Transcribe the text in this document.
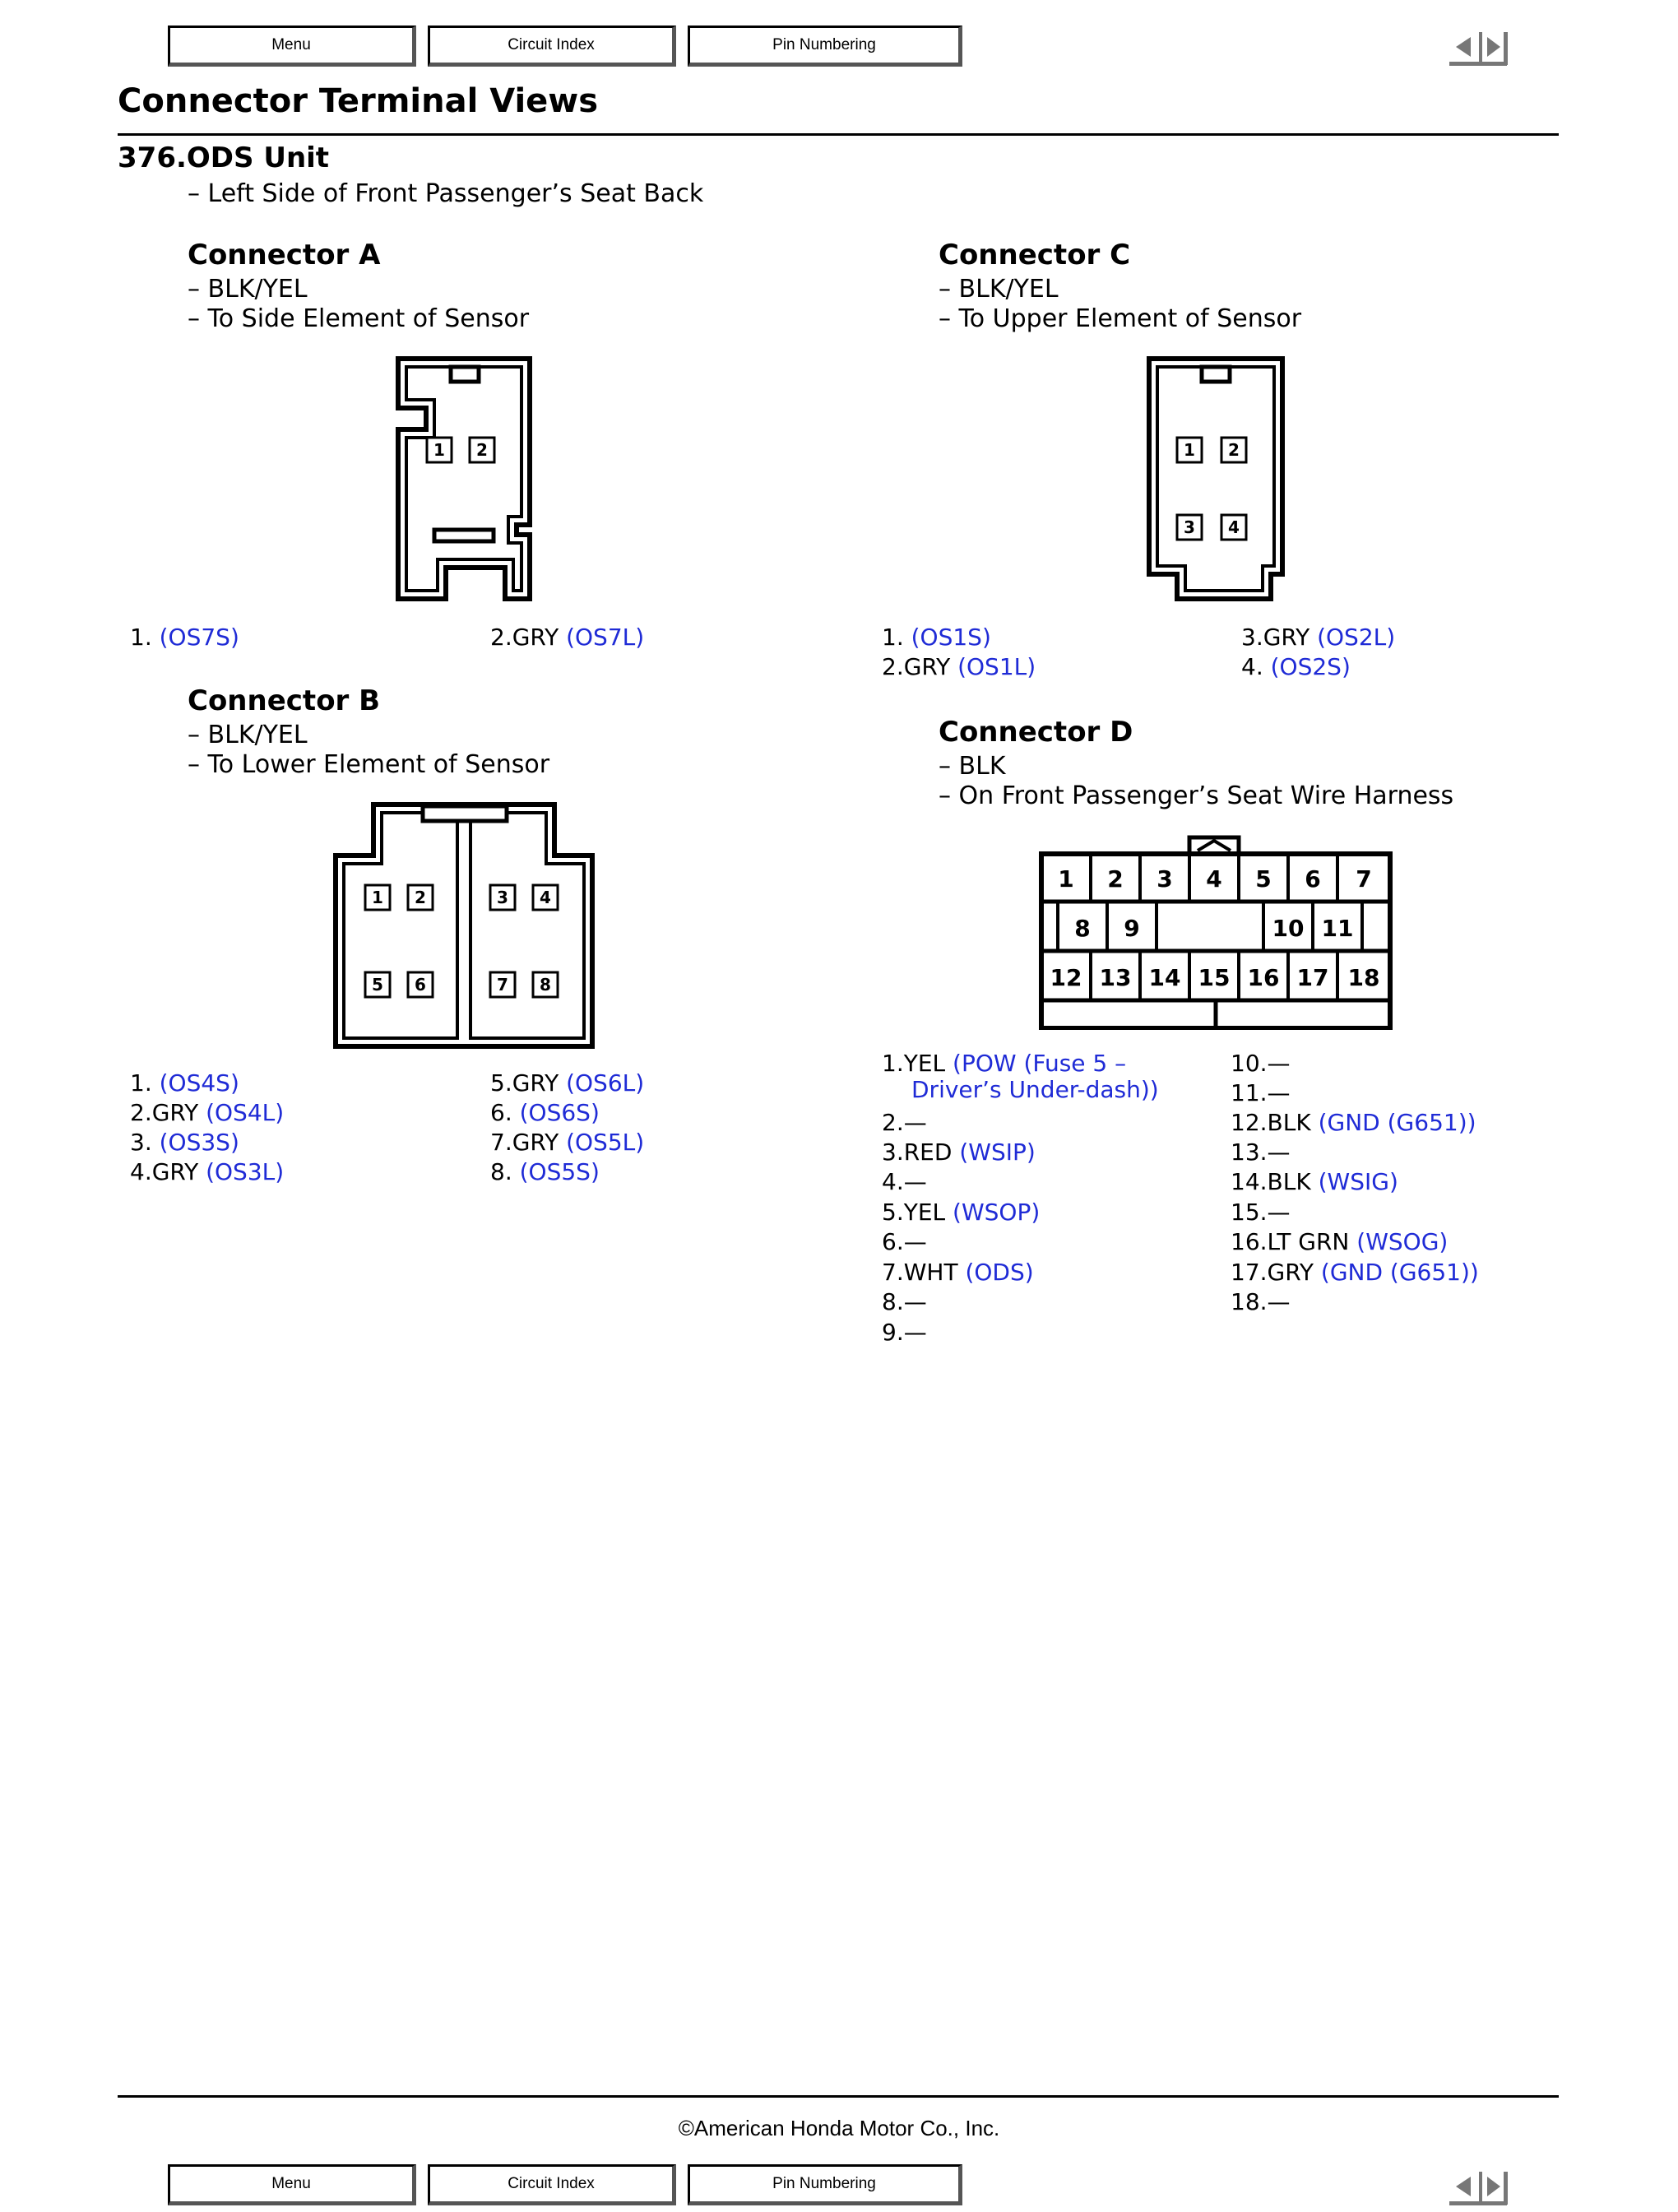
Menu	Circuit Index	Pin Numbering
Connector Terminal Views
376.ODS Unit
– Left Side of Front Passenger’s Seat Back
Connector A
– BLK/YEL
– To Side Element of Sensor
1 2
1. (OS7S)	2.GRY (OS7L)
Connector B
– BLK/YEL
– To Lower Element of Sensor
1 2	3 4
5 6	7 8
1. (OS4S)
2.GRY (OS4L)
3. (OS3S)
4.GRY (OS3L)
5.GRY (OS6L)
6. (OS6S)
7.GRY (OS5L)
8. (OS5S)
Connector C
– BLK/YEL
– To Upper Element of Sensor
1 2
3 4
1. (OS1S)
2.GRY (OS1L)
3.GRY (OS2L)
4. (OS2S)
Connector D
– BLK
– On Front Passenger’s Seat Wire Harness
1 2 3 4 5 6 7
8 9	10 11
12 13 14 15 16 17 18
1.YEL (POW (Fuse 5 –
Driver’s Under-dash))
2.—
3.RED (WSIP)
4.—
5.YEL (WSOP)
6.—
7.WHT (ODS)
8.—
9.—
10.—
11.—
12.BLK (GND (G651))
13.—
14.BLK (WSIG)
15.—
16.LT GRN (WSOG)
17.GRY (GND (G651))
18.—
©American Honda Motor Co., Inc.
Menu	Circuit Index	Pin Numbering
